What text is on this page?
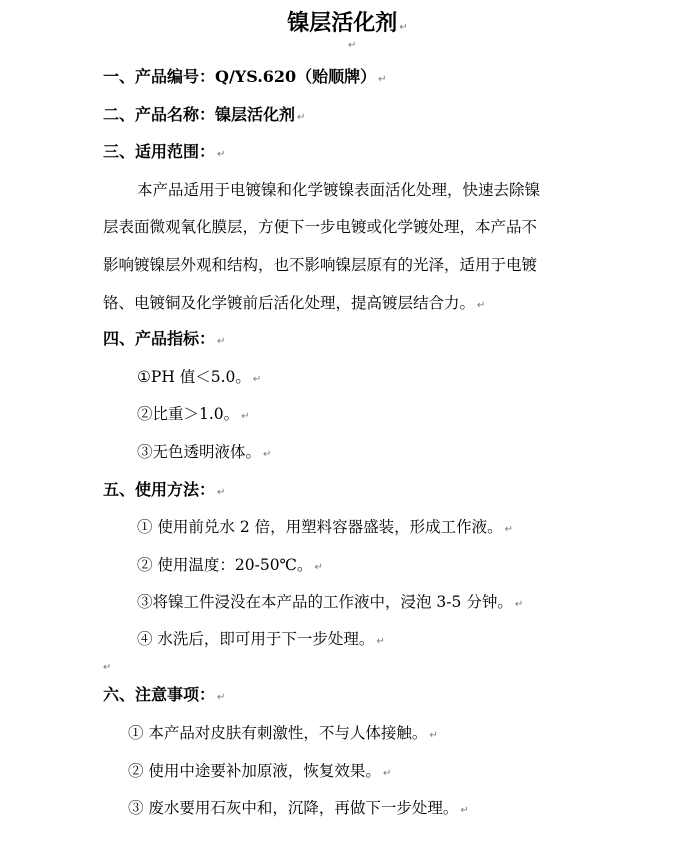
镍层活化剂 ↵
↵
一、产品编号：Q/YS.620（贻顺牌） ↵
二、产品名称：镍层活化剂 ↵
三、适用范围： ↵
本产品适用于电镀镍和化学镀镍表面活化处理，快速去除镍
层表面微观氧化膜层，方便下一步电镀或化学镀处理，本产品不
影响镀镍层外观和结构，也不影响镍层原有的光泽，适用于电镀
铬、电镀铜及化学镀前后活化处理，提高镀层结合力。 ↵
四、产品指标： ↵
①PH 值＜5.0。 ↵
②比重＞1.0。 ↵
③无色透明液体。 ↵
五、使用方法： ↵
① 使用前兑水 2 倍，用塑料容器盛装，形成工作液。 ↵
② 使用温度：20-50℃。 ↵
③将镍工件浸没在本产品的工作液中，浸泡 3-5 分钟。 ↵
④ 水洗后，即可用于下一步处理。 ↵
↵
六、注意事项： ↵
① 本产品对皮肤有刺激性，不与人体接触。 ↵
② 使用中途要补加原液，恢复效果。 ↵
③ 废水要用石灰中和，沉降，再做下一步处理。 ↵
